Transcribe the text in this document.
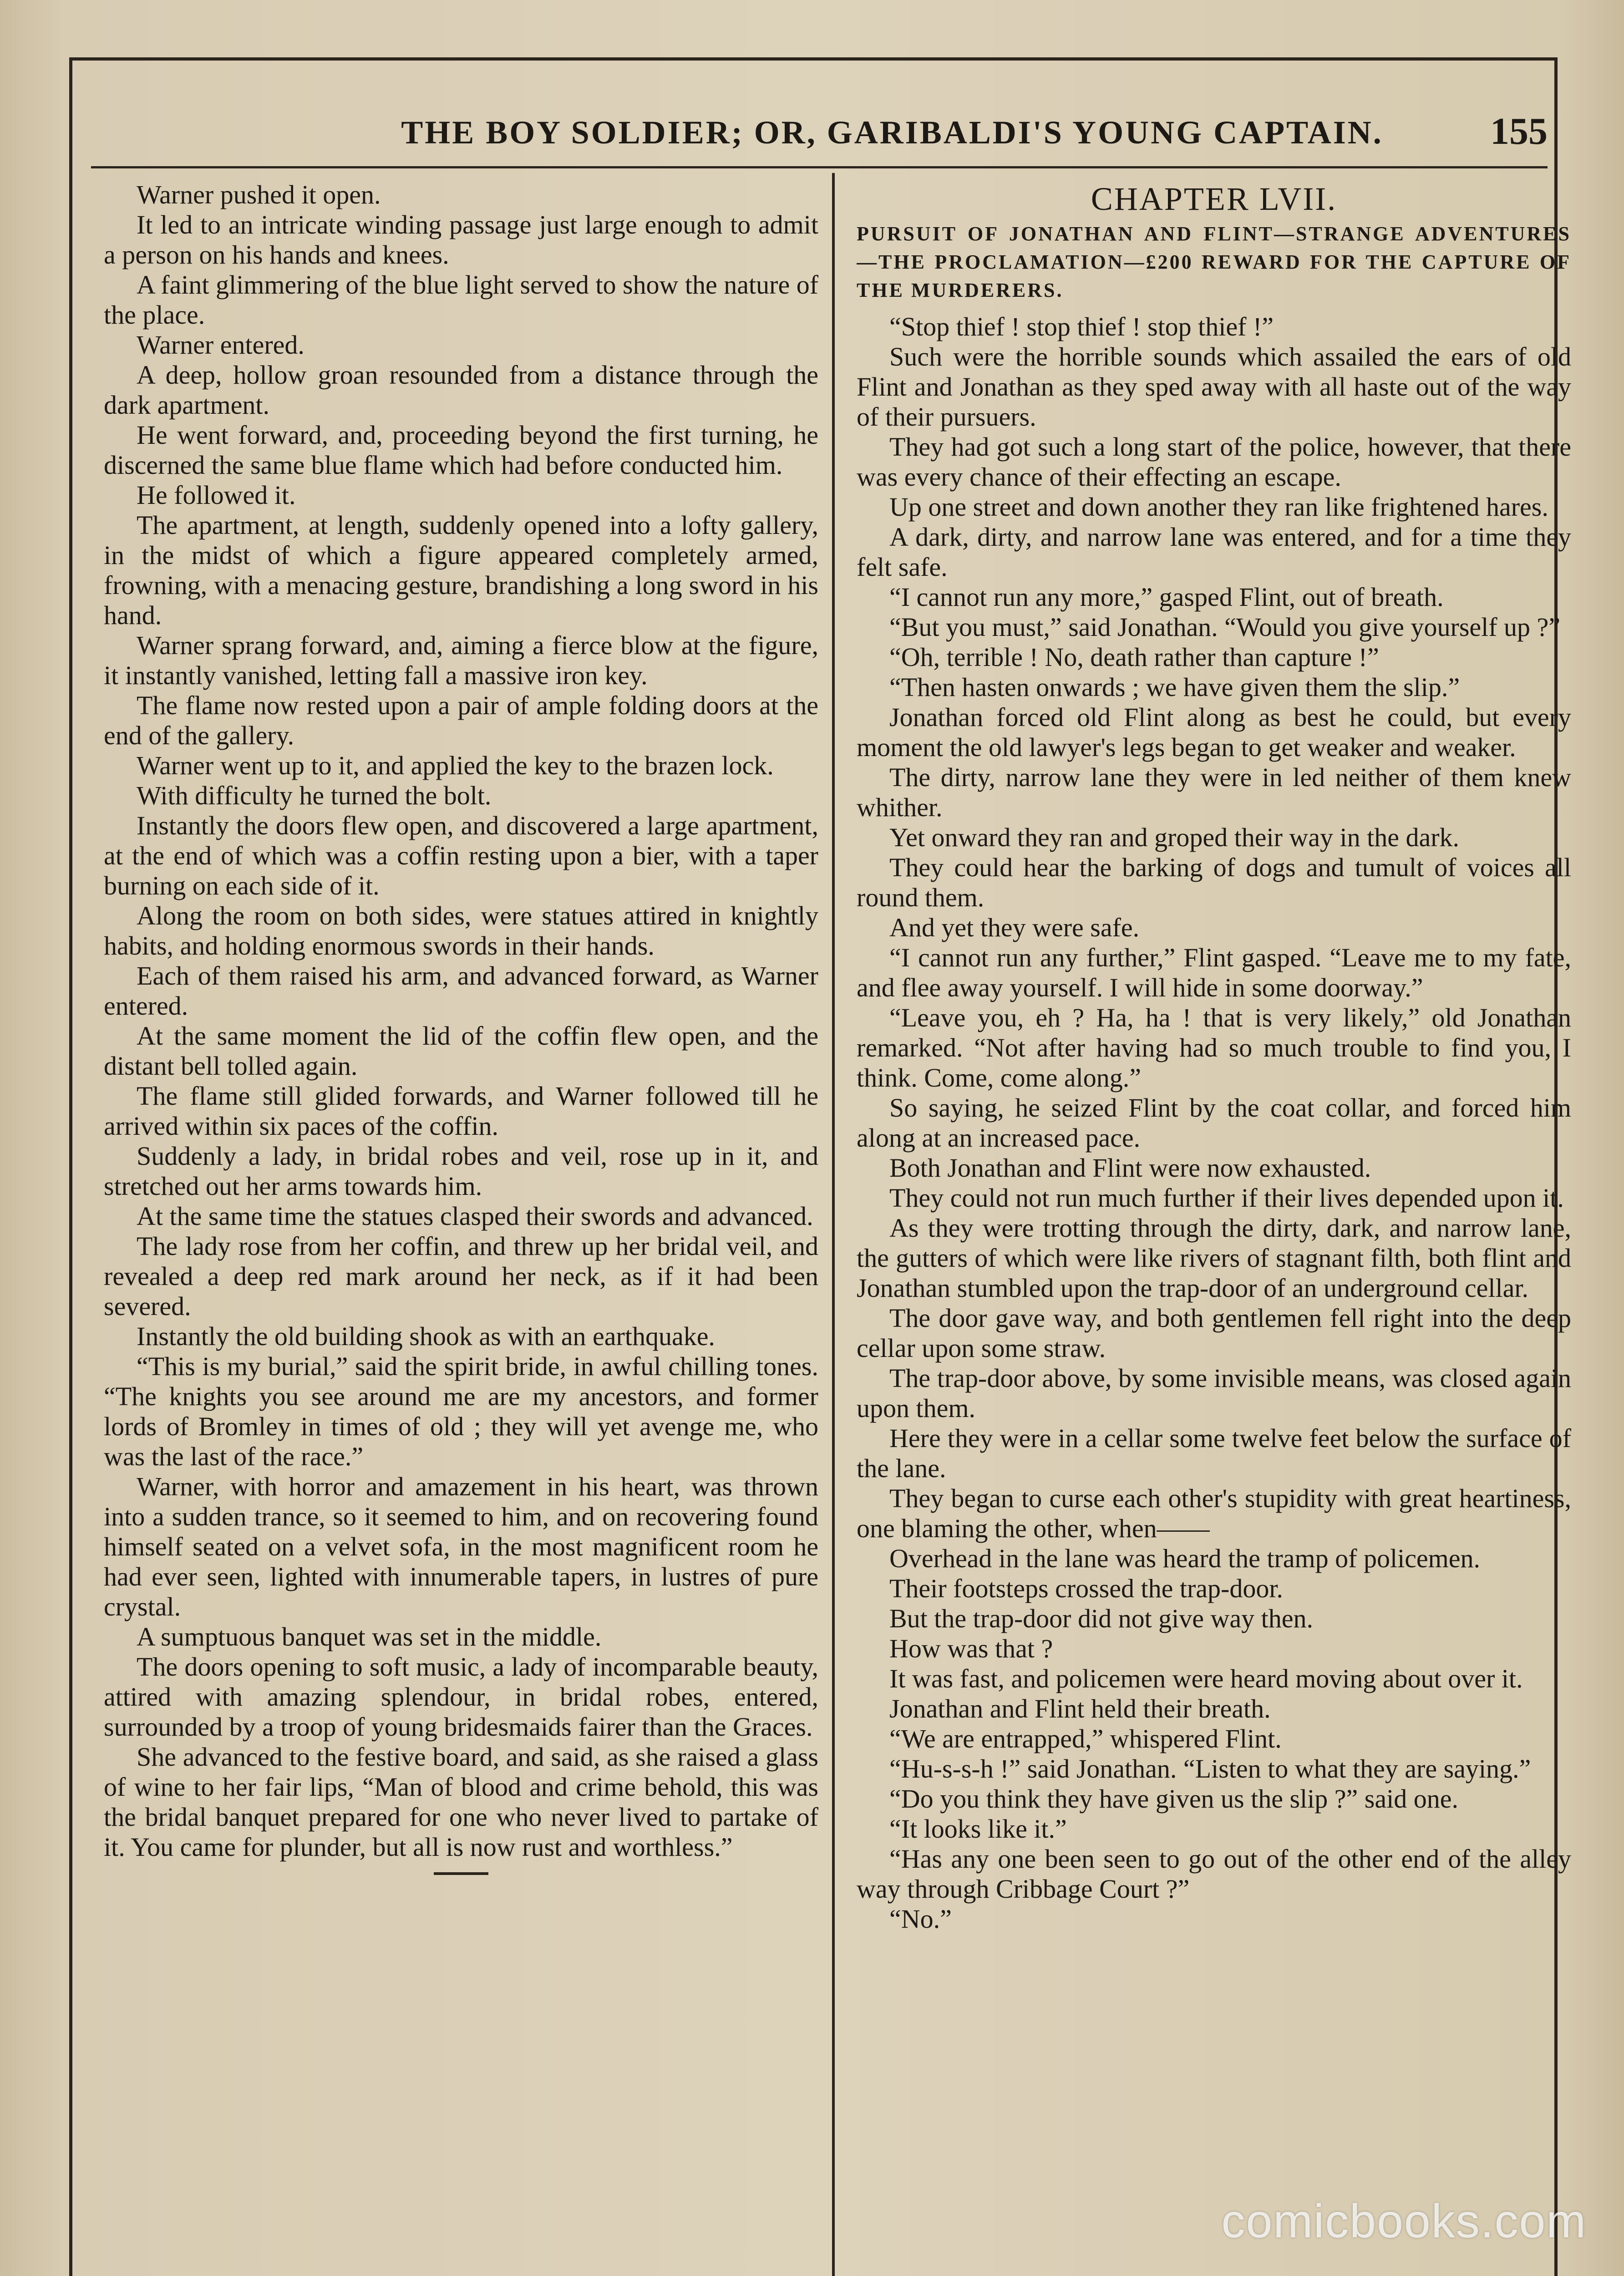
THE BOY SOLDIER; OR, GARIBALDI'S YOUNG CAPTAIN.	155

Warner pushed it open.

It led to an intricate winding passage just large enough to admit a person on his hands and knees.

A faint glimmering of the blue light served to show the nature of the place.

Warner entered.

A deep, hollow groan resounded from a distance through the dark apartment.

He went forward, and, proceeding beyond the first turning, he discerned the same blue flame which had before conducted him.

He followed it.

The apartment, at length, suddenly opened into a lofty gallery, in the midst of which a figure appeared completely armed, frowning, with a menacing gesture, brandishing a long sword in his hand.

Warner sprang forward, and, aiming a fierce blow at the figure, it instantly vanished, letting fall a massive iron key.

The flame now rested upon a pair of ample folding doors at the end of the gallery.

Warner went up to it, and applied the key to the brazen lock.

With difficulty he turned the bolt.

Instantly the doors flew open, and discovered a large apartment, at the end of which was a coffin resting upon a bier, with a taper burning on each side of it.

Along the room on both sides, were statues attired in knightly habits, and holding enormous swords in their hands.

Each of them raised his arm, and advanced forward, as Warner entered.

At the same moment the lid of the coffin flew open, and the distant bell tolled again.

The flame still glided forwards, and Warner followed till he arrived within six paces of the coffin.

Suddenly a lady, in bridal robes and veil, rose up in it, and stretched out her arms towards him.

At the same time the statues clasped their swords and advanced.

The lady rose from her coffin, and threw up her bridal veil, and revealed a deep red mark around her neck, as if it had been severed.

Instantly the old building shook as with an earthquake.

“This is my burial,” said the spirit bride, in awful chilling tones. “The knights you see around me are my ancestors, and former lords of Bromley in times of old ; they will yet avenge me, who was the last of the race.”

Warner, with horror and amazement in his heart, was thrown into a sudden trance, so it seemed to him, and on recovering found himself seated on a velvet sofa, in the most magnificent room he had ever seen, lighted with innumerable tapers, in lustres of pure crystal.

A sumptuous banquet was set in the middle.

The doors opening to soft music, a lady of incomparable beauty, attired with amazing splendour, in bridal robes, entered, surrounded by a troop of young bridesmaids fairer than the Graces.

She advanced to the festive board, and said, as she raised a glass of wine to her fair lips, “Man of blood and crime behold, this was the bridal banquet prepared for one who never lived to partake of it. You came for plunder, but all is now rust and worthless.”

CHAPTER LVII.

PURSUIT OF JONATHAN AND FLINT—STRANGE ADVENTURES—THE PROCLAMATION—£200 REWARD FOR THE CAPTURE OF THE MURDERERS.

“Stop thief ! stop thief ! stop thief !”

Such were the horrible sounds which assailed the ears of old Flint and Jonathan as they sped away with all haste out of the way of their pursuers.

They had got such a long start of the police, however, that there was every chance of their effecting an escape.

Up one street and down another they ran like frightened hares.

A dark, dirty, and narrow lane was entered, and for a time they felt safe.

“I cannot run any more,” gasped Flint, out of breath.

“But you must,” said Jonathan. “Would you give yourself up ?”

“Oh, terrible ! No, death rather than capture !”

“Then hasten onwards ; we have given them the slip.”

Jonathan forced old Flint along as best he could, but every moment the old lawyer's legs began to get weaker and weaker.

The dirty, narrow lane they were in led neither of them knew whither.

Yet onward they ran and groped their way in the dark.

They could hear the barking of dogs and tumult of voices all round them.

And yet they were safe.

“I cannot run any further,” Flint gasped. “Leave me to my fate, and flee away yourself. I will hide in some doorway.”

“Leave you, eh ? Ha, ha ! that is very likely,” old Jonathan remarked. “Not after having had so much trouble to find you, I think. Come, come along.”

So saying, he seized Flint by the coat collar, and forced him along at an increased pace.

Both Jonathan and Flint were now exhausted.

They could not run much further if their lives depended upon it.

As they were trotting through the dirty, dark, and narrow lane, the gutters of which were like rivers of stagnant filth, both flint and Jonathan stumbled upon the trap-door of an underground cellar.

The door gave way, and both gentlemen fell right into the deep cellar upon some straw.

The trap-door above, by some invisible means, was closed again upon them.

Here they were in a cellar some twelve feet below the surface of the lane.

They began to curse each other's stupidity with great heartiness, one blaming the other, when——

Overhead in the lane was heard the tramp of policemen.

Their footsteps crossed the trap-door.

But the trap-door did not give way then.

How was that ?

It was fast, and policemen were heard moving about over it.

Jonathan and Flint held their breath.

“We are entrapped,” whispered Flint.

“Hu-s-s-h !” said Jonathan. “Listen to what they are saying.”

“Do you think they have given us the slip ?” said one.

“It looks like it.”

“Has any one been seen to go out of the other end of the alley way through Cribbage Court ?”

“No.”

comicbooks.com
